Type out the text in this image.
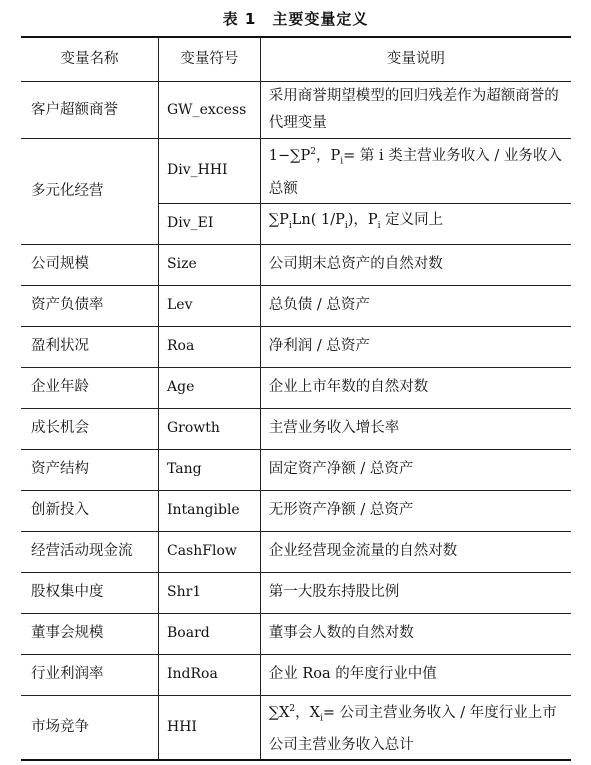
表 1　主要变量定义
变量名称	变量符号	变量说明
客户超额商誉	GW_excess	采用商誉期望模型的回归残差作为超额商誉的代理变量
多元化经营	Div_HHI	$1-\sum P^2$，$P_i=$ 第 i 类主营业务收入 / 业务收入总额
	Div_EI	$\sum P_iLn$( $1/P_i$)，$P_i$ 定义同上
公司规模	Size	公司期末总资产的自然对数
资产负债率	Lev	总负债 / 总资产
盈利状况	Roa	净利润 / 总资产
企业年龄	Age	企业上市年数的自然对数
成长机会	Growth	主营业务收入增长率
资产结构	Tang	固定资产净额 / 总资产
创新投入	Intangible	无形资产净额 / 总资产
经营活动现金流	CashFlow	企业经营现金流量的自然对数
股权集中度	Shr1	第一大股东持股比例
董事会规模	Board	董事会人数的自然对数
行业利润率	IndRoa	企业 Roa 的年度行业中值
市场竞争	HHI	$\sum X^2$，$X_i=$ 公司主营业务收入 / 年度行业上市公司主营业务收入总计
